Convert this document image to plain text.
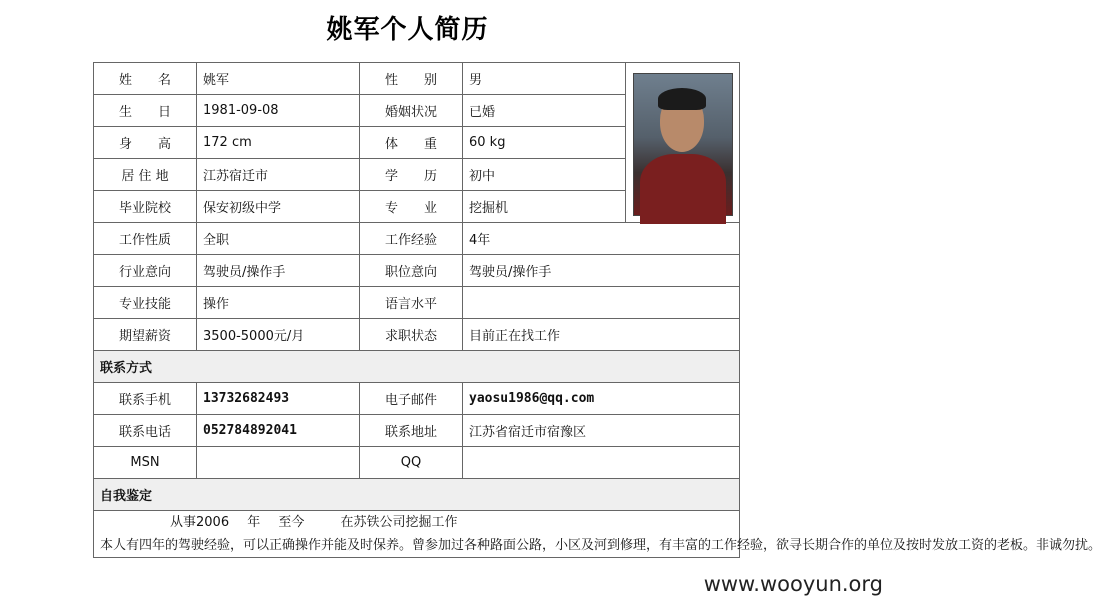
姚军个人简历
姓　　名	姚军	性　　别	男	

生　　日	1981-09-08	婚姻状况	已婚	
身　　高	172 cm	体　　重	60 kg	
居 住 地	江苏宿迁市	学　　历	初中	
毕业院校	保安初级中学	专　　业	挖掘机	
工作性质	全职	工作经验	4年	
行业意向	驾驶员/操作手	职位意向	驾驶员/操作手	
专业技能	操作	语言水平		
期望薪资	3500-5000元/月	求职状态	目前正在找工作	
联系方式				
联系手机	13732682493	电子邮件	yaosu1986@qq.com	
联系电话	052784892041	联系地址	江苏省宿迁市宿豫区	
MSN		QQ		
自我鉴定				

从事2006 年 至今 在苏铁公司挖掘工作
本人有四年的驾驶经验，可以正确操作并能及时保养。曾参加过各种路面公路，小区及河到修理，有丰富的工作经验，欲寻长期合作的单位及按时发放工资的老板。非诚勿扰。				
www.wooyun.org
